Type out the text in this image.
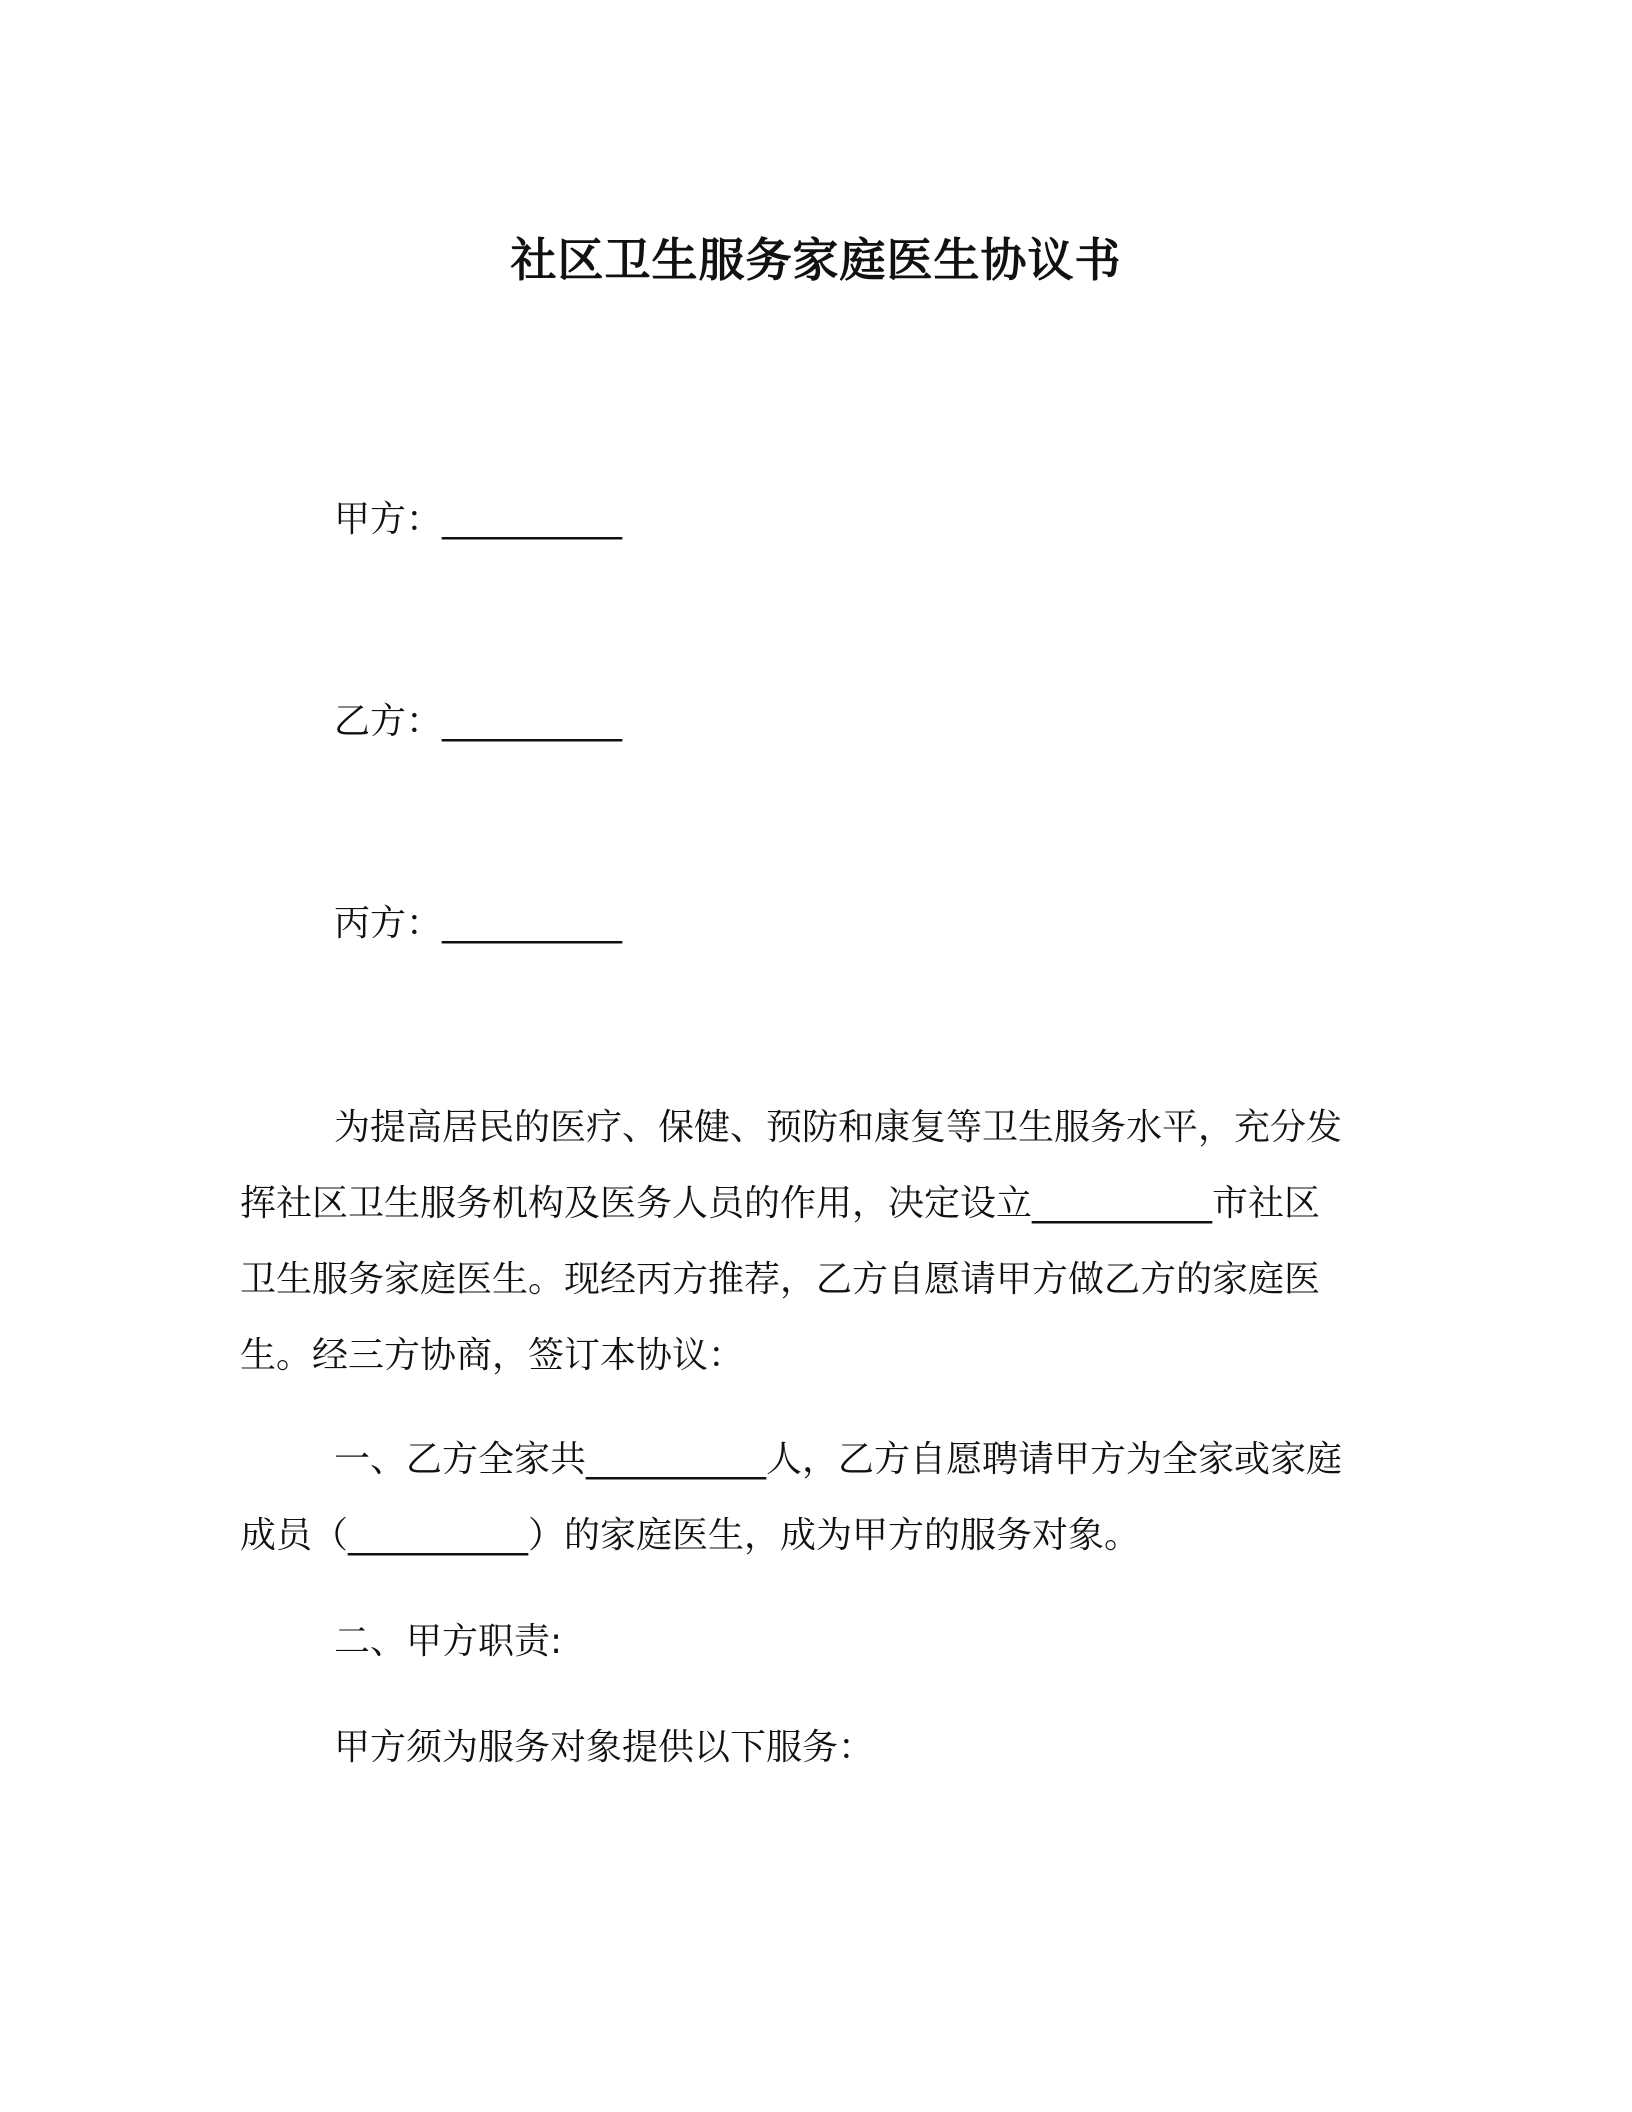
社区卫生服务家庭医生协议书
甲方：__________
乙方：__________
丙方：__________
为提高居民的医疗、保健、预防和康复等卫生服务水平，充分发
挥社区卫生服务机构及医务人员的作用，决定设立__________市社区
卫生服务家庭医生。现经丙方推荐，乙方自愿请甲方做乙方的家庭医
生。经三方协商，签订本协议：
一、乙方全家共__________人，乙方自愿聘请甲方为全家或家庭
成员（__________）的家庭医生，成为甲方的服务对象。
二、甲方职责:
甲方须为服务对象提供以下服务：
